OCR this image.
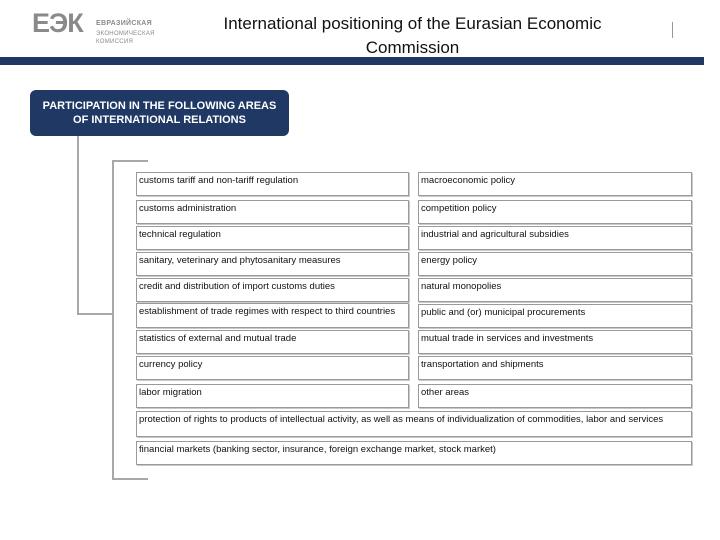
ЕЭК ЕВРАЗИЙСКАЯ
ЭКОНОМИЧЕСКАЯ
КОМИССИЯ
International positioning of the Eurasian Economic Commission
PARTICIPATION IN THE FOLLOWING AREAS OF INTERNATIONAL RELATIONS
customs tariff and non-tariff regulation
customs administration
technical regulation
sanitary, veterinary and phytosanitary measures
credit and distribution of import customs duties
establishment of trade regimes with respect to third countries
statistics of external and mutual trade
currency policy
labor migration
macroeconomic policy
competition policy
industrial and agricultural subsidies
energy policy
natural monopolies
public and (or) municipal procurements
mutual trade in services and investments
transportation and shipments
other areas
protection of rights to products of intellectual activity, as well as means of individualization of commodities, labor and services
financial markets (banking sector, insurance, foreign exchange market, stock market)
